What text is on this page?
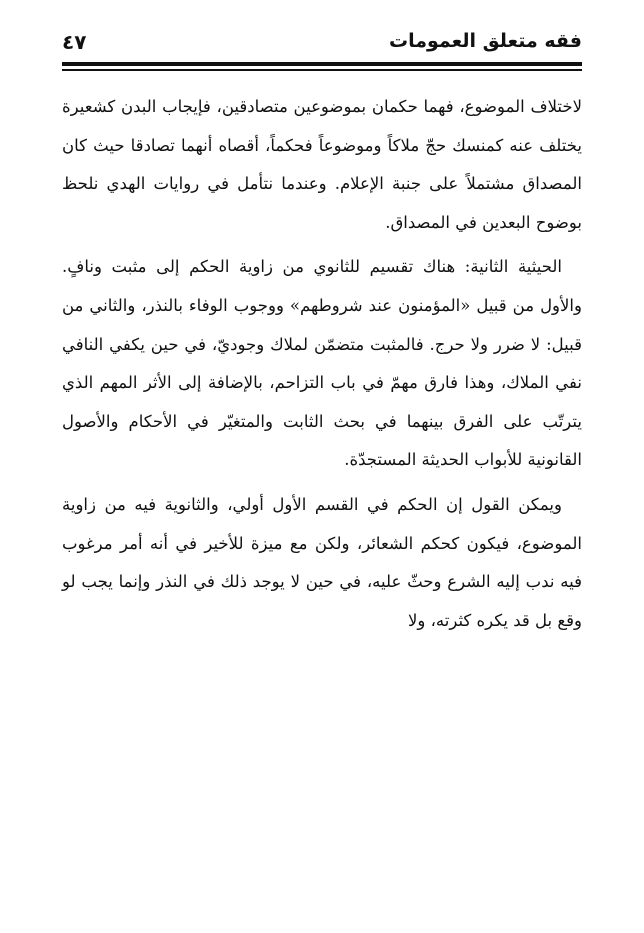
فقه متعلق العمومات
٤٧

لاختلاف الموضوع، فهما حكمان بموضوعين متصادقين، فإيجاب البدن كشعيرة يختلف عنه كمنسك حجّ ملاكاً وموضوعاً فحكماً، أقصاه أنهما تصادقا حيث كان المصداق مشتملاً على جنبة الإعلام. وعندما نتأمل في روايات الهدي نلحظ بوضوح البعدين في المصداق.

الحيثية الثانية: هناك تقسيم للثانوي من زاوية الحكم إلى مثبت ونافٍ. والأول من قبيل «المؤمنون عند شروطهم» ووجوب الوفاء بالنذر، والثاني من قبيل: لا ضرر ولا حرج. فالمثبت متضمّن لملاك وجوديّ، في حين يكفي النافي نفي الملاك، وهذا فارق مهمّ في باب التزاحم، بالإضافة إلى الأثر المهم الذي يترتّب على الفرق بينهما في بحث الثابت والمتغيّر في الأحكام والأصول القانونية للأبواب الحديثة المستجدّة.

ويمكن القول إن الحكم في القسم الأول أولي، والثانوية فيه من زاوية الموضوع، فيكون كحكم الشعائر، ولكن مع ميزة للأخير في أنه أمر مرغوب فيه ندب إليه الشرع وحثّ عليه، في حين لا يوجد ذلك في النذر وإنما يجب لو وقع بل قد يكره كثرته، ولا
